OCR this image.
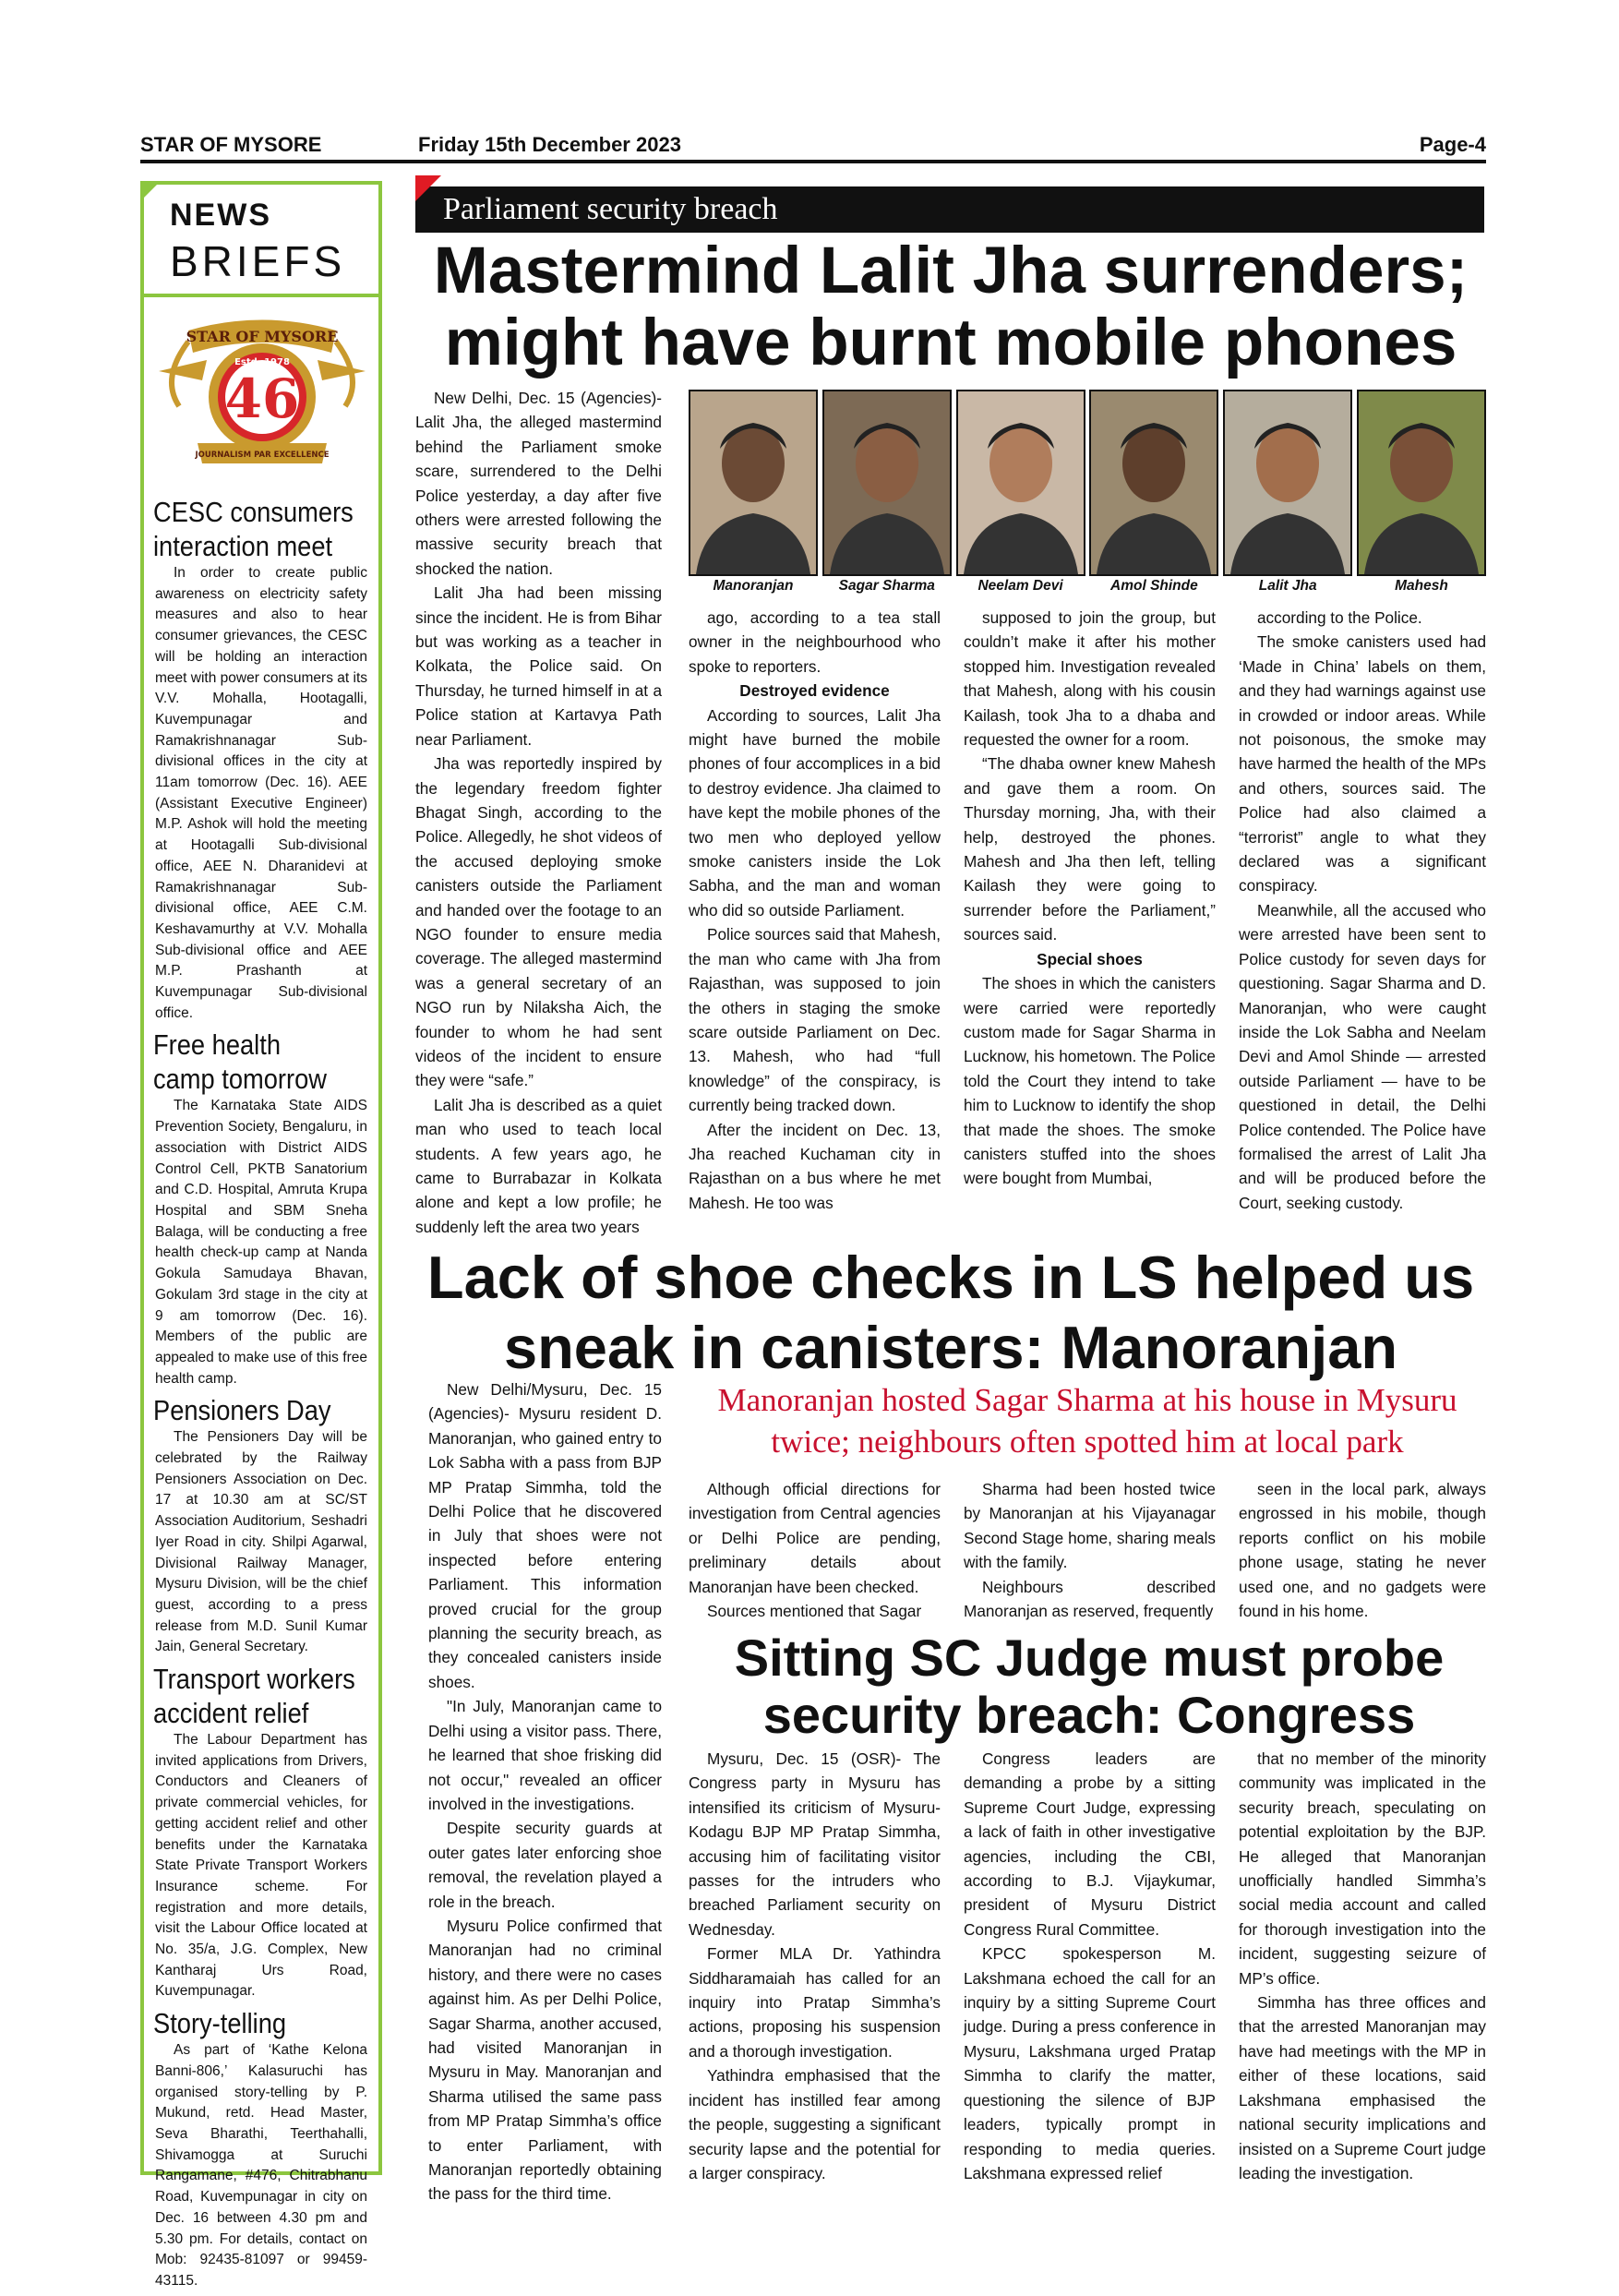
STAR OF MYSORE	Friday 15th December 2023	Page-4
NEWS
BRIEFS
STAR OF MYSORE
Estd. 1978
46
JOURNALISM PAR EXCELLENCE
CESC consumers
interaction meet

In order to create public awareness on electricity safety measures and also to hear consumer grievances, the CESC will be holding an interaction meet with power consumers at its V.V. Mohalla, Hootagalli, Kuvempunagar and Ramakrishnanagar Sub-divisional offices in the city at 11am tomorrow (Dec. 16). AEE (Assistant Executive Engineer) M.P. Ashok will hold the meeting at Hootagalli Sub-divisional office, AEE N. Dharanidevi at Ramakrishnanagar Sub-divisional office, AEE C.M. Keshavamurthy at V.V. Mohalla Sub-divisional office and AEE M.P. Prashanth at Kuvempunagar Sub-divisional office.

Free health
camp tomorrow

The Karnataka State AIDS Prevention Society, Bengaluru, in association with District AIDS Control Cell, PKTB Sanatorium and C.D. Hospital, Amruta Krupa Hospital and SBM Sneha Balaga, will be conducting a free health check-up camp at Nanda Gokula Samudaya Bhavan, Gokulam 3rd stage in the city at 9 am tomorrow (Dec. 16). Members of the public are appealed to make use of this free health camp.

Pensioners Day

The Pensioners Day will be celebrated by the Railway Pensioners Association on Dec. 17 at 10.30 am at SC/ST Association Auditorium, Seshadri Iyer Road in city. Shilpi Agarwal, Divisional Railway Manager, Mysuru Division, will be the chief guest, according to a press release from M.D. Sunil Kumar Jain, General Secretary.

Transport workers
accident relief

The Labour Department has invited applications from Drivers, Conductors and Cleaners of private commercial vehicles, for getting accident relief and other benefits under the Karnataka State Private Transport Workers Insurance scheme. For registration and more details, visit the Labour Office located at No. 35/a, J.G. Complex, New Kantharaj Urs Road, Kuvempunagar.

Story-telling

As part of ‘Kathe Kelona Banni-806,’ Kalasuruchi has organised story-telling by P. Mukund, retd. Head Master, Seva Bharathi, Teerthahalli, Shivamogga at Suruchi Rangamane, #476, Chitrabhanu Road, Kuvempunagar in city on Dec. 16 between 4.30 pm and 5.30 pm. For details, contact on Mob: 92435-81097 or 99459-43115.

Parliament security breach
Mastermind Lalit Jha surrenders;
might have burnt mobile phones

New Delhi, Dec. 15 (Agencies)- Lalit Jha, the alleged mastermind behind the Parliament smoke scare, surrendered to the Delhi Police yesterday, a day after five others were arrested following the massive security breach that shocked the nation.

Lalit Jha had been missing since the incident. He is from Bihar but was working as a teacher in Kolkata, the Police said. On Thursday, he turned himself in at a Police station at Kartavya Path near Parliament.

Jha was reportedly inspired by the legendary freedom fighter Bhagat Singh, according to the Police. Allegedly, he shot videos of the accused deploying smoke canisters outside the Parliament and handed over the footage to an NGO founder to ensure media coverage. The alleged mastermind was a general secretary of an NGO run by Nilaksha Aich, the founder to whom he had sent videos of the incident to ensure they were “safe.”

Lalit Jha is described as a quiet man who used to teach local students. A few years ago, he came to Burrabazar in Kolkata alone and kept a low profile; he suddenly left the area two years

Manoranjan	Sagar Sharma	Neelam Devi	Amol Shinde	Lalit Jha	Mahesh

ago, according to a tea stall owner in the neighbourhood who spoke to reporters.

Destroyed evidence

According to sources, Lalit Jha might have burned the mobile phones of four accomplices in a bid to destroy evidence. Jha claimed to have kept the mobile phones of the two men who deployed yellow smoke canisters inside the Lok Sabha, and the man and woman who did so outside Parliament.

Police sources said that Mahesh, the man who came with Jha from Rajasthan, was supposed to join the others in staging the smoke scare outside Parliament on Dec. 13. Mahesh, who had “full knowledge” of the conspiracy, is currently being tracked down.

After the incident on Dec. 13, Jha reached Kuchaman city in Rajasthan on a bus where he met Mahesh. He too was

supposed to join the group, but couldn’t make it after his mother stopped him. Investigation revealed that Mahesh, along with his cousin Kailash, took Jha to a dhaba and requested the owner for a room.

“The dhaba owner knew Mahesh and gave them a room. On Thursday morning, Jha, with their help, destroyed the phones. Mahesh and Jha then left, telling Kailash they were going to surrender before the Parliament,” sources said.

Special shoes

The shoes in which the canisters were carried were reportedly custom made for Sagar Sharma in Lucknow, his hometown. The Police told the Court they intend to take him to Lucknow to identify the shop that made the shoes. The smoke canisters stuffed into the shoes were bought from Mumbai,

according to the Police.

The smoke canisters used had ‘Made in China’ labels on them, and they had warnings against use in crowded or indoor areas. While not poisonous, the smoke may have harmed the health of the MPs and others, sources said. The Police had also claimed a “terrorist” angle to what they declared was a significant conspiracy.

Meanwhile, all the accused who were arrested have been sent to Police custody for seven days for questioning. Sagar Sharma and D. Manoranjan, who were caught inside the Lok Sabha and Neelam Devi and Amol Shinde — arrested outside Parliament — have to be questioned in detail, the Delhi Police contended. The Police have formalised the arrest of Lalit Jha and will be produced before the Court, seeking custody.

Lack of shoe checks in LS helped us
sneak in canisters: Manoranjan

New Delhi/Mysuru, Dec. 15 (Agencies)- Mysuru resident D. Manoranjan, who gained entry to Lok Sabha with a pass from BJP MP Pratap Simmha, told the Delhi Police that he discovered in July that shoes were not inspected before entering Parliament. This information proved crucial for the group planning the security breach, as they concealed canisters inside shoes.

"In July, Manoranjan came to Delhi using a visitor pass. There, he learned that shoe frisking did not occur," revealed an officer involved in the investigations.

Despite security guards at outer gates later enforcing shoe removal, the revelation played a role in the breach.

Mysuru Police confirmed that Manoranjan had no criminal history, and there were no cases against him. As per Delhi Police, Sagar Sharma, another accused, had visited Manoranjan in Mysuru in May. Manoranjan and Sharma utilised the same pass from MP Pratap Simmha’s office to enter Parliament, with Manoranjan reportedly obtaining the pass for the third time.

Manoranjan hosted Sagar Sharma at his house in Mysuru
twice; neighbours often spotted him at local park

Although official directions for investigation from Central agencies or Delhi Police are pending, preliminary details about Manoranjan have been checked.

Sources mentioned that Sagar

Sharma had been hosted twice by Manoranjan at his Vijayanagar Second Stage home, sharing meals with the family.

Neighbours described Manoranjan as reserved, frequently

seen in the local park, always engrossed in his mobile, though reports conflict on his mobile phone usage, stating he never used one, and no gadgets were found in his home.

Sitting SC Judge must probe
security breach: Congress

Mysuru, Dec. 15 (OSR)- The Congress party in Mysuru has intensified its criticism of Mysuru-Kodagu BJP MP Pratap Simmha, accusing him of facilitating visitor passes for the intruders who breached Parliament security on Wednesday.

Former MLA Dr. Yathindra Siddharamaiah has called for an inquiry into Pratap Simmha’s actions, proposing his suspension and a thorough investigation.

Yathindra emphasised that the incident has instilled fear among the people, suggesting a significant security lapse and the potential for a larger conspiracy.

Congress leaders are demanding a probe by a sitting Supreme Court Judge, expressing a lack of faith in other investigative agencies, including the CBI, according to B.J. Vijaykumar, president of Mysuru District Congress Rural Committee.

KPCC spokesperson M. Lakshmana echoed the call for an inquiry by a sitting Supreme Court judge. During a press conference in Mysuru, Lakshmana urged Pratap Simmha to clarify the matter, questioning the silence of BJP leaders, typically prompt in responding to media queries. Lakshmana expressed relief

that no member of the minority community was implicated in the security breach, speculating on potential exploitation by the BJP. He alleged that Manoranjan unofficially handled Simmha’s social media account and called for thorough investigation into the incident, suggesting seizure of MP’s office.

Simmha has three offices and that the arrested Manoranjan may have had meetings with the MP in either of these locations, said Lakshmana emphasised the national security implications and insisted on a Supreme Court judge leading the investigation.
